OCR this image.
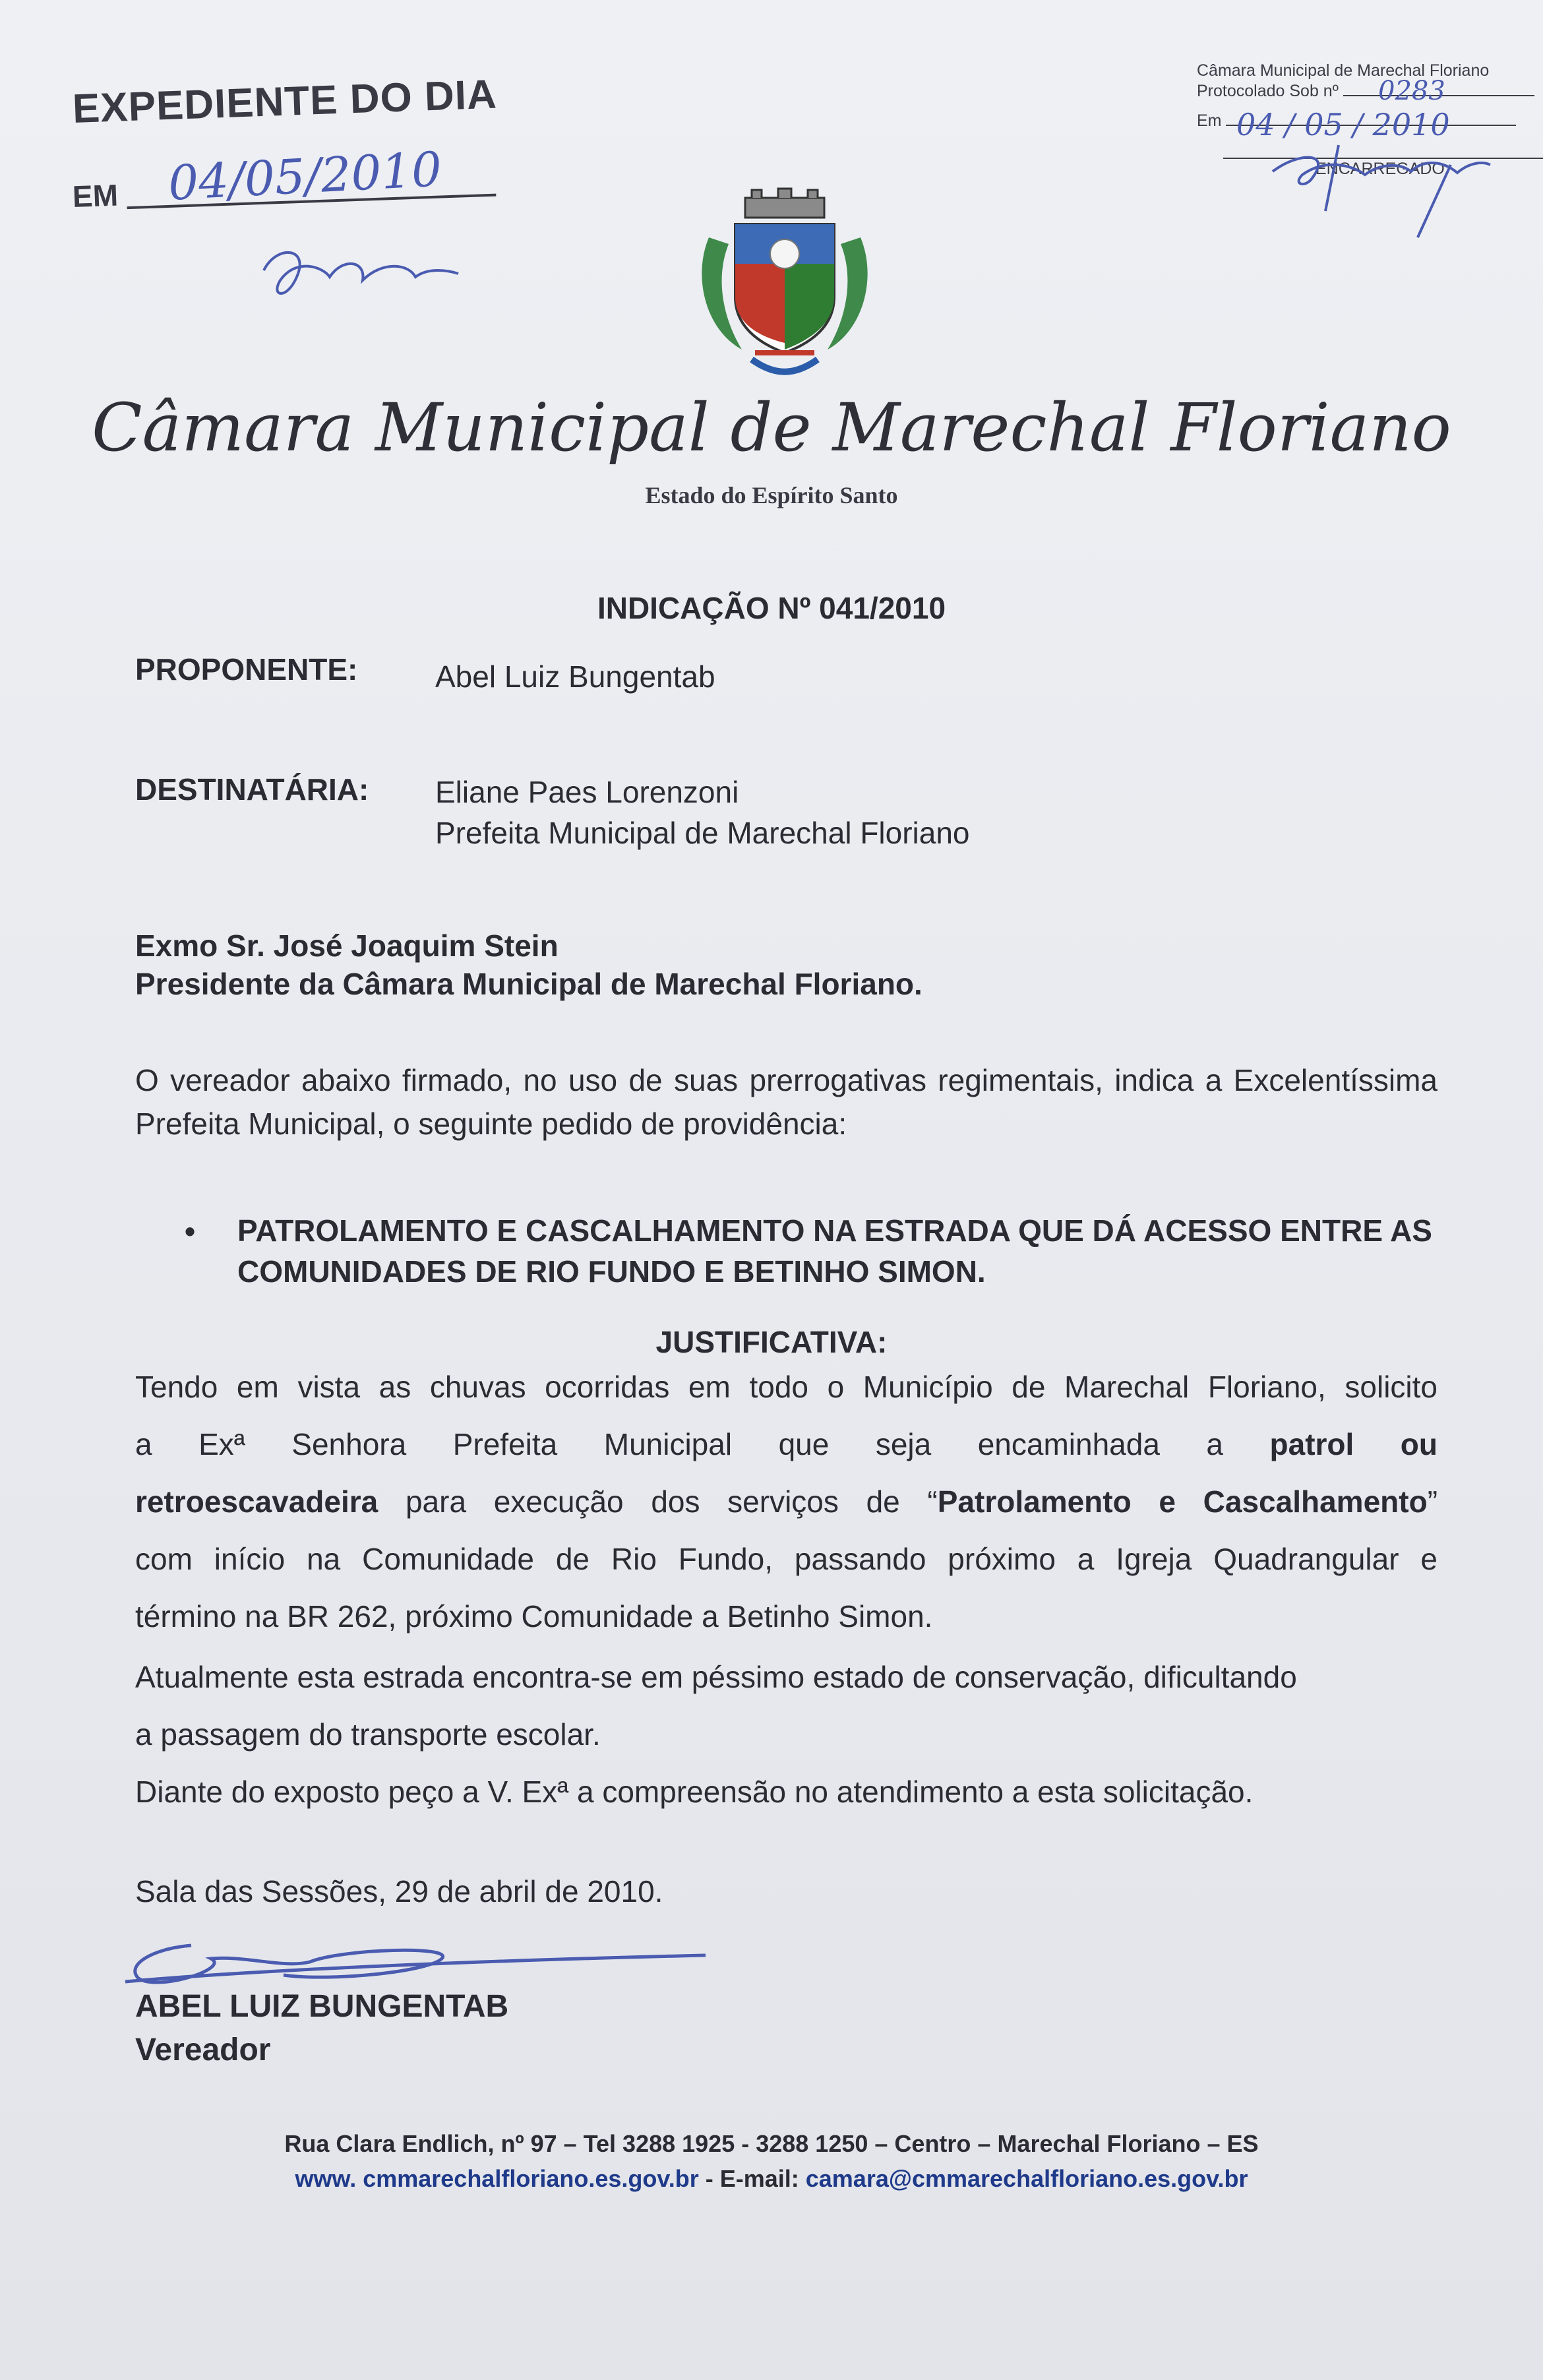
EXPEDIENTE DO DIA
EM	04/05/2010
Câmara Municipal de Marechal Floriano
Protocolado Sob nº
Em
ENCARREGADO
0283
04 / 05 / 2010
Câmara Municipal de Marechal Floriano
Estado do Espírito Santo
INDICAÇÃO Nº 041/2010
PROPONENTE:	Abel Luiz Bungentab
DESTINATÁRIA: Eliane Paes Lorenzoni
Prefeita Municipal de Marechal Floriano
Exmo Sr. José Joaquim Stein
Presidente da Câmara Municipal de Marechal Floriano.
O vereador abaixo firmado, no uso de suas prerrogativas regimentais, indica a Excelentíssima Prefeita Municipal, o seguinte pedido de providência:
• PATROLAMENTO E CASCALHAMENTO NA ESTRADA QUE DÁ ACESSO ENTRE AS COMUNIDADES DE RIO FUNDO E BETINHO SIMON.
JUSTIFICATIVA:
Tendo em vista as chuvas ocorridas em todo o Município de Marechal Floriano, solicito
a Exª Senhora Prefeita Municipal que seja encaminhada a patrol ou
retroescavadeira para execução dos serviços de “Patrolamento e Cascalhamento”
com início na Comunidade de Rio Fundo, passando próximo a Igreja Quadrangular e
término na BR 262, próximo Comunidade a Betinho Simon.
Atualmente esta estrada encontra-se em péssimo estado de conservação, dificultando
a passagem do transporte escolar.
Diante do exposto peço a V. Exª a compreensão no atendimento a esta solicitação.
Sala das Sessões, 29 de abril de 2010.
ABEL LUIZ BUNGENTAB
Vereador
Rua Clara Endlich, nº 97 – Tel 3288 1925 - 3288 1250 – Centro – Marechal Floriano – ES
www. cmmarechalfloriano.es.gov.br - E-mail: camara@cmmarechalfloriano.es.gov.br
